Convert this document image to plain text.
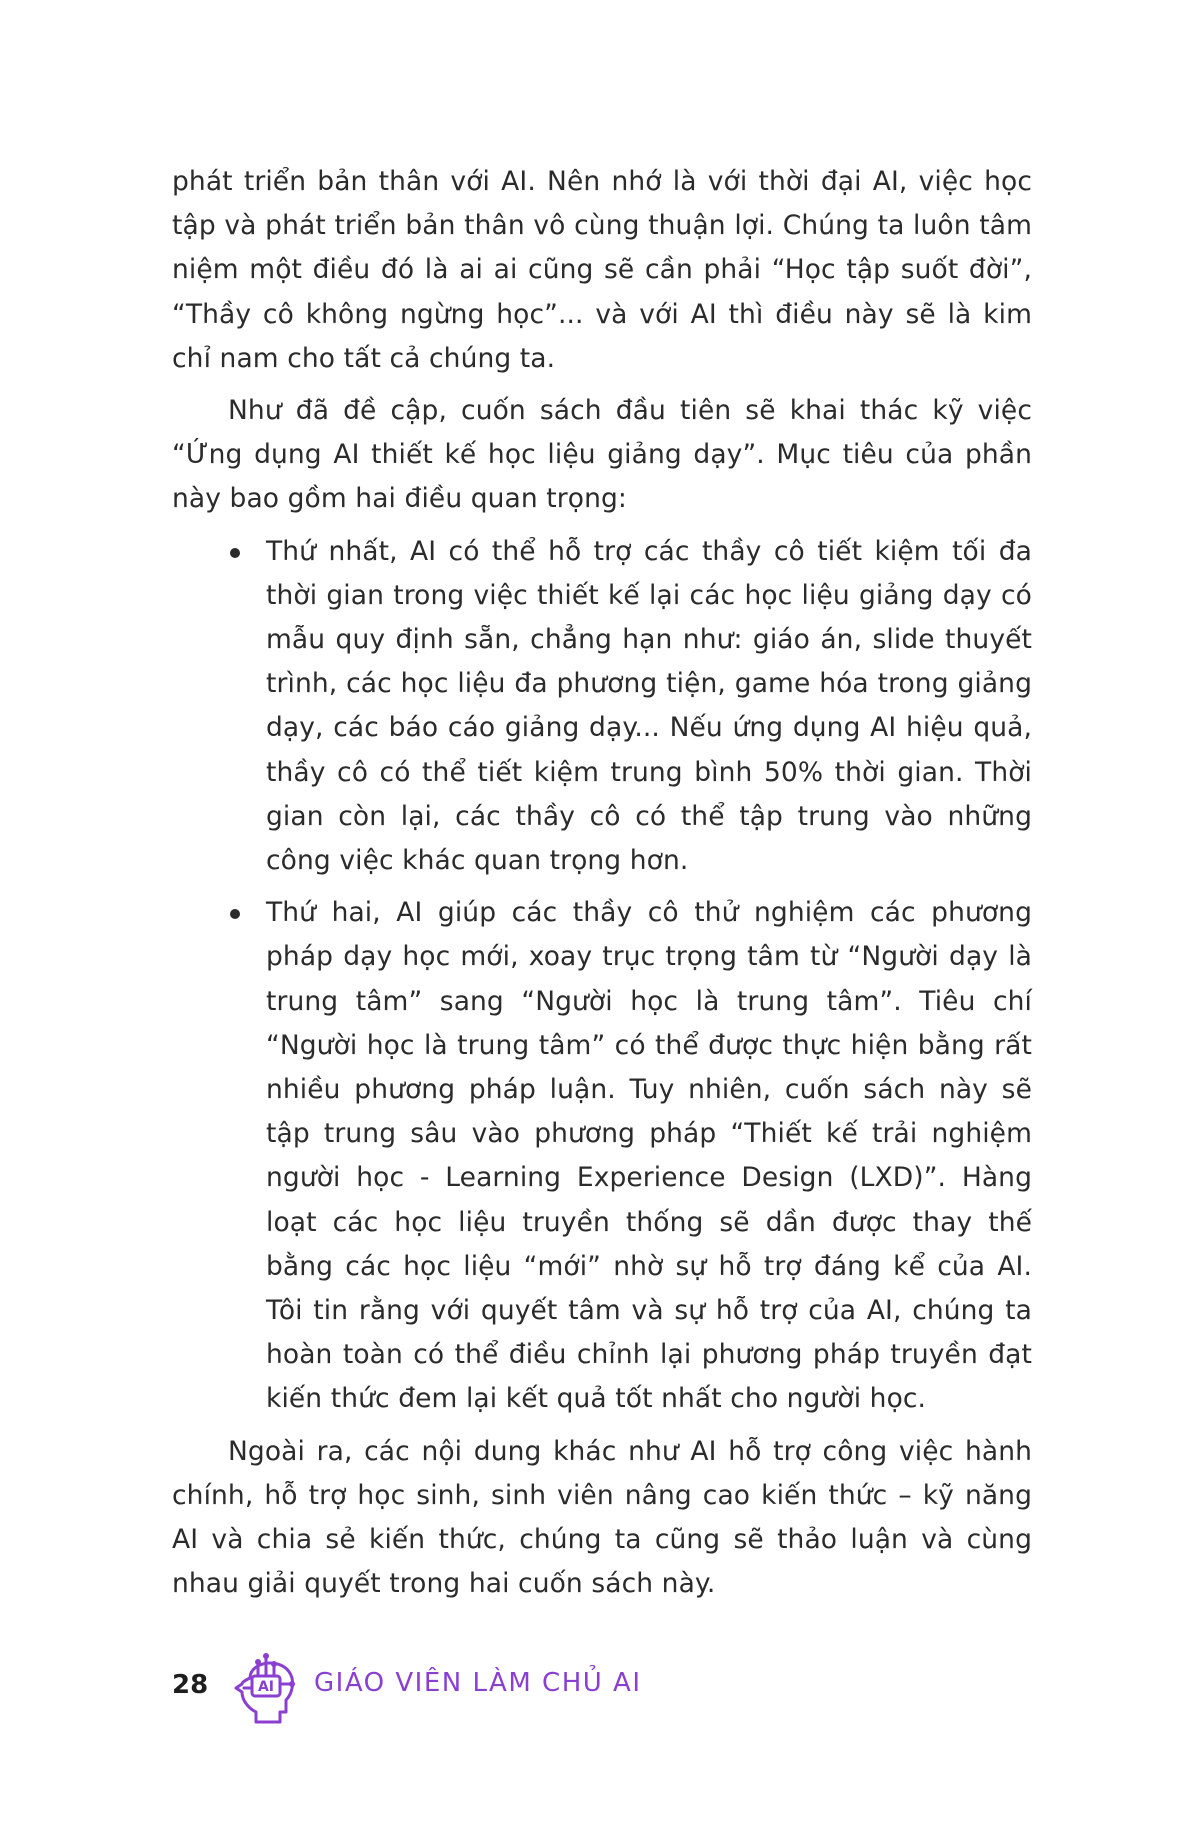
phát triển bản thân với AI. Nên nhớ là với thời đại AI, việc học tập và phát triển bản thân vô cùng thuận lợi. Chúng ta luôn tâm niệm một điều đó là ai ai cũng sẽ cần phải “Học tập suốt đời”, “Thầy cô không ngừng học”... và với AI thì điều này sẽ là kim chỉ nam cho tất cả chúng ta.

Như đã đề cập, cuốn sách đầu tiên sẽ khai thác kỹ việc “Ứng dụng AI thiết kế học liệu giảng dạy”. Mục tiêu của phần này bao gồm hai điều quan trọng:

Thứ nhất, AI có thể hỗ trợ các thầy cô tiết kiệm tối đa thời gian trong việc thiết kế lại các học liệu giảng dạy có mẫu quy định sẵn, chẳng hạn như: giáo án, slide thuyết trình, các học liệu đa phương tiện, game hóa trong giảng dạy, các báo cáo giảng dạy... Nếu ứng dụng AI hiệu quả, thầy cô có thể tiết kiệm trung bình 50% thời gian. Thời gian còn lại, các thầy cô có thể tập trung vào những công việc khác quan trọng hơn.
Thứ hai, AI giúp các thầy cô thử nghiệm các phương pháp dạy học mới, xoay trục trọng tâm từ “Người dạy là trung tâm” sang “Người học là trung tâm”. Tiêu chí “Người học là trung tâm” có thể được thực hiện bằng rất nhiều phương pháp luận. Tuy nhiên, cuốn sách này sẽ tập trung sâu vào phương pháp “Thiết kế trải nghiệm người học - Learning Experience Design (LXD)”. Hàng loạt các học liệu truyền thống sẽ dần được thay thế bằng các học liệu “mới” nhờ sự hỗ trợ đáng kể của AI. Tôi tin rằng với quyết tâm và sự hỗ trợ của AI, chúng ta hoàn toàn có thể điều chỉnh lại phương pháp truyền đạt kiến thức đem lại kết quả tốt nhất cho người học.

Ngoài ra, các nội dung khác như AI hỗ trợ công việc hành chính, hỗ trợ học sinh, sinh viên nâng cao kiến thức – kỹ năng AI và chia sẻ kiến thức, chúng ta cũng sẽ thảo luận và cùng nhau giải quyết trong hai cuốn sách này.

28	AI GIÁO VIÊN LÀM CHỦ AI
